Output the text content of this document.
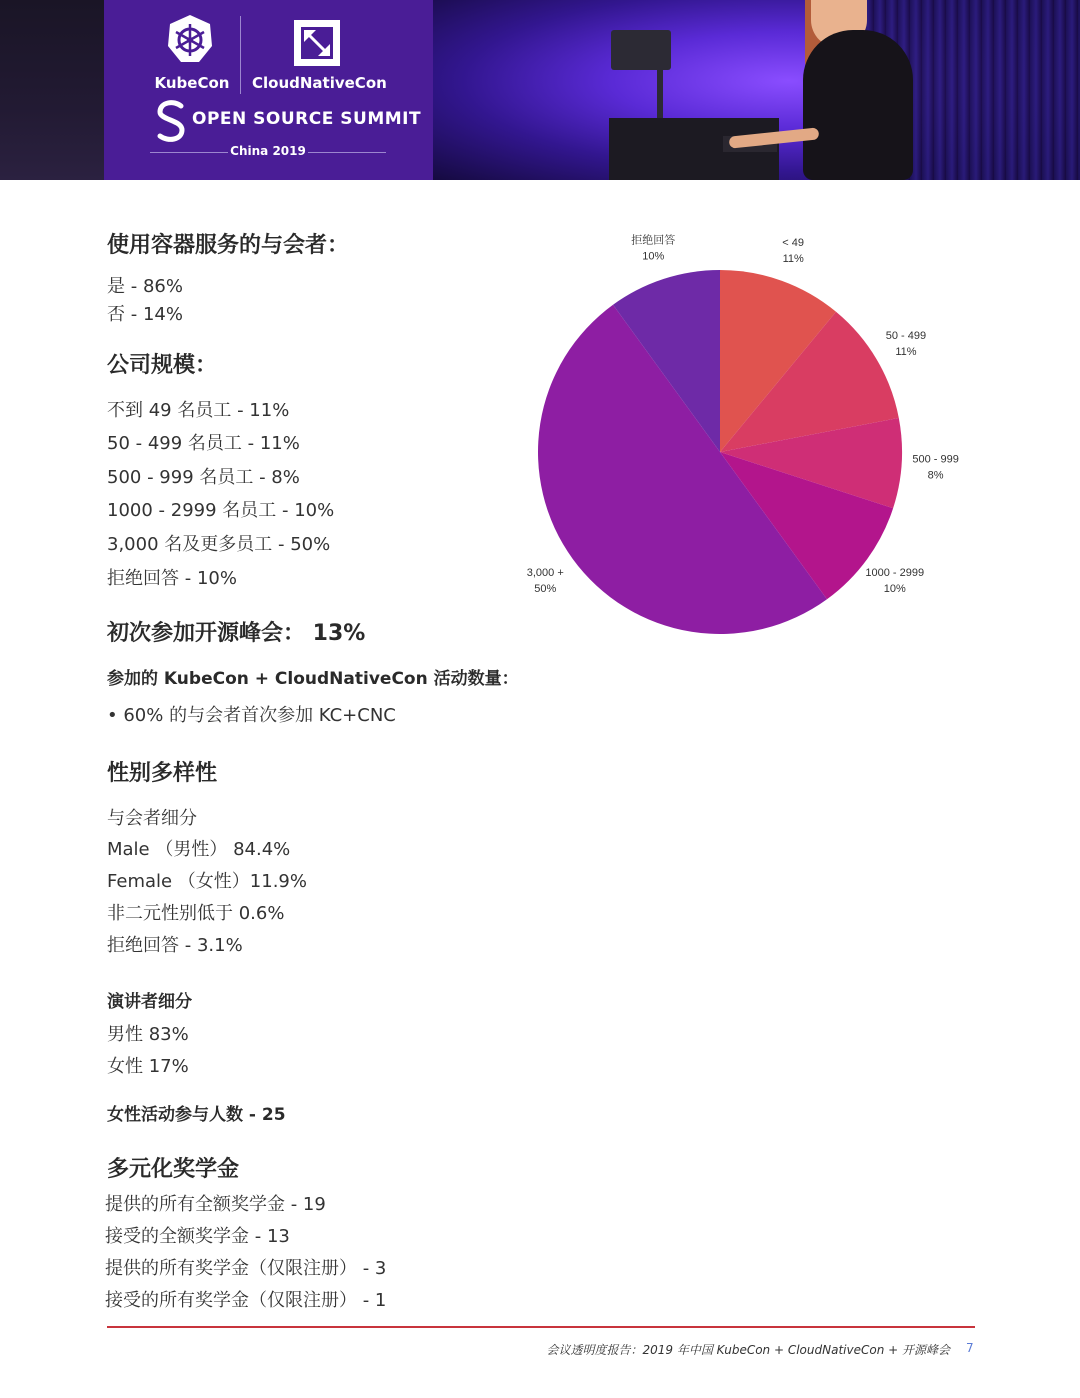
KubeCon	CloudNativeCon
OPEN SOURCE SUMMIT
China 2019
使用容器服务的与会者：
是 - 86%
否 - 14%
公司规模：
不到 49 名员工 - 11%
50 - 499 名员工 - 11%
500 - 999 名员工 - 8%
1000 - 2999 名员工 - 10%
3,000 名及更多员工 - 50%
拒绝回答 - 10%
初次参加开源峰会： 13%
参加的 KubeCon + CloudNativeCon 活动数量：
• 60% 的与会者首次参加 KC+CNC
性别多样性
与会者细分
Male （男性） 84.4%
Female （女性）11.9%
非二元性别低于 0.6%
拒绝回答 - 3.1%
演讲者细分
男性 83%
女性 17%
女性活动参与人数 - 25
多元化奖学金
提供的所有全额奖学金 - 19
接受的全额奖学金 - 13
提供的所有奖学金（仅限注册） - 3
接受的所有奖学金（仅限注册） - 1
< 49
11%
50 - 499
11%
500 - 999
8%
1000 - 2999
10%
3,000 +
50%
拒绝回答
10%
会议透明度报告：2019 年中国 KubeCon + CloudNativeCon + 开源峰会 7
